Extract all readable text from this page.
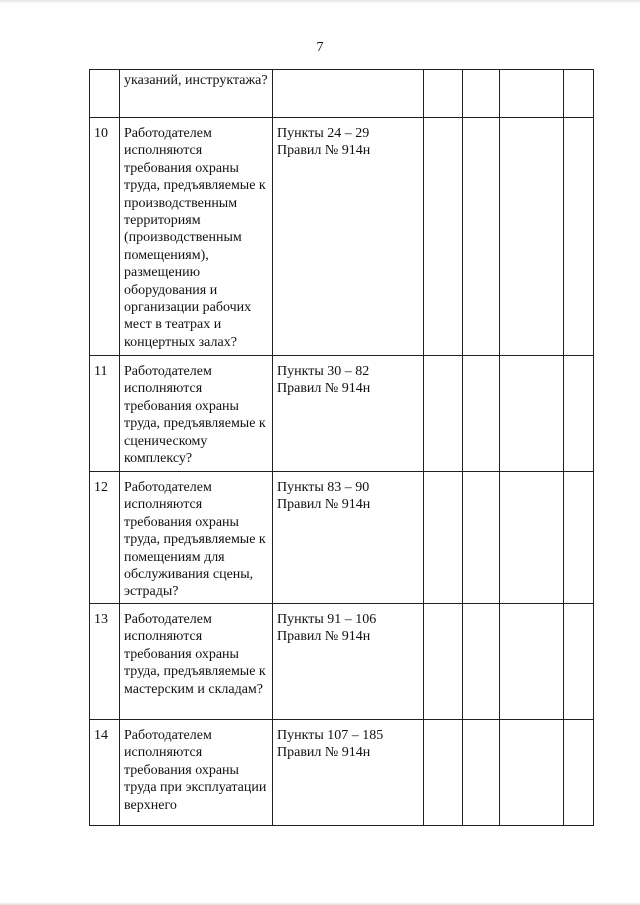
7
	указаний, инструктажа?	

10	Работодателем исполняются требования охраны труда, предъявляемые к производственным территориям (производственным помещениям), размещению оборудования и организации рабочих мест в театрах и концертных залах?	Пункты 24 – 29
Правил № 914н				

11	Работодателем исполняются требования охраны труда, предъявляемые к сценическому комплексу?	Пункты 30 – 82
Правил № 914н				

12	Работодателем исполняются требования охраны труда, предъявляемые к помещениям для обслуживания сцены, эстрады?	Пункты 83 – 90
Правил № 914н				

13	Работодателем исполняются требования охраны труда, предъявляемые к мастерским и складам?	Пункты 91 – 106
Правил № 914н				

14	Работодателем исполняются требования охраны труда при эксплуатации верхнего	Пункты 107 – 185
Правил № 914н				
